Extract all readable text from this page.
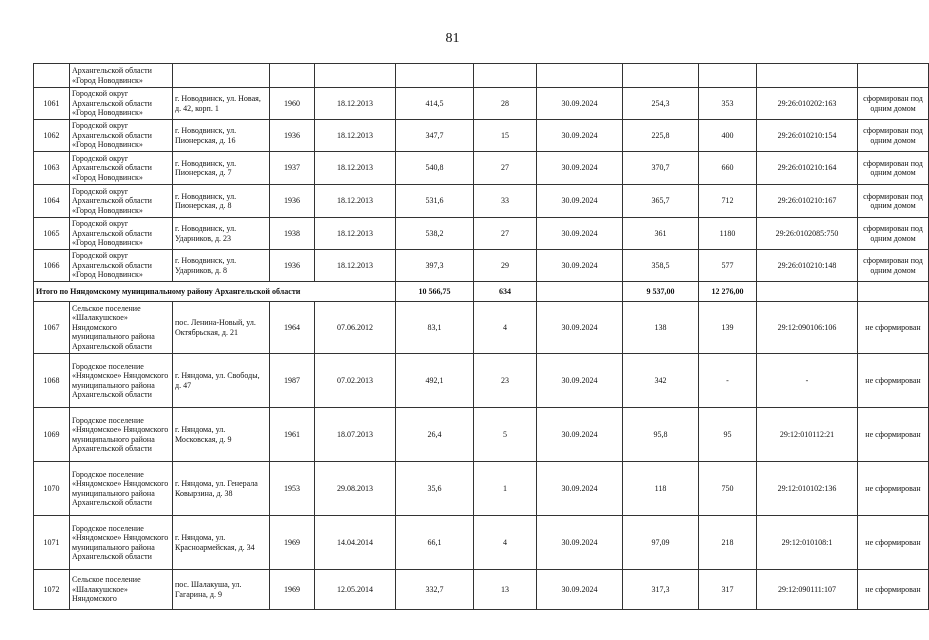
81
	Архангельской области «Город Новодвинск»										
1061	Городской округ Архангельской области «Город Новодвинск»	г. Новодвинск, ул. Новая, д. 42, корп. 1	1960	18.12.2013	414,5	28	30.09.2024	254,3	353	29:26:010202:163	сформирован под одним домом
1062	Городской округ Архангельской области «Город Новодвинск»	г. Новодвинск, ул. Пионерская, д. 16	1936	18.12.2013	347,7	15	30.09.2024	225,8	400	29:26:010210:154	сформирован под одним домом
1063	Городской округ Архангельской области «Город Новодвинск»	г. Новодвинск, ул. Пионерская, д. 7	1937	18.12.2013	540,8	27	30.09.2024	370,7	660	29:26:010210:164	сформирован под одним домом
1064	Городской округ Архангельской области «Город Новодвинск»	г. Новодвинск, ул. Пионерская, д. 8	1936	18.12.2013	531,6	33	30.09.2024	365,7	712	29:26:010210:167	сформирован под одним домом
1065	Городской округ Архангельской области «Город Новодвинск»	г. Новодвинск, ул. Ударников, д. 23	1938	18.12.2013	538,2	27	30.09.2024	361	1180	29:26:0102085:750	сформирован под одним домом
1066	Городской округ Архангельской области «Город Новодвинск»	г. Новодвинск, ул. Ударников, д. 8	1936	18.12.2013	397,3	29	30.09.2024	358,5	577	29:26:010210:148	сформирован под одним домом
Итого по Няндомскому муниципальному району Архангельской области					10 566,75	634		9 537,00	12 276,00		
1067	Сельское поселение «Шалакушское» Няндомского муниципального района Архангельской области	пос. Ленина-Новый, ул. Октябрьская, д. 21	1964	07.06.2012	83,1	4	30.09.2024	138	139	29:12:090106:106	не сформирован
1068	Городское поселение «Няндомское» Няндомского муниципального района Архангельской области	г. Няндома, ул. Свободы, д. 47	1987	07.02.2013	492,1	23	30.09.2024	342	-	-	не сформирован
1069	Городское поселение «Няндомское» Няндомского муниципального района Архангельской области	г. Няндома, ул. Московская, д. 9	1961	18.07.2013	26,4	5	30.09.2024	95,8	95	29:12:010112:21	не сформирован
1070	Городское поселение «Няндомское» Няндомского муниципального района Архангельской области	г. Няндома, ул. Генерала Ковырзина, д. 38	1953	29.08.2013	35,6	1	30.09.2024	118	750	29:12:010102:136	не сформирован
1071	Городское поселение «Няндомское» Няндомского муниципального района Архангельской области	г. Няндома, ул. Красноармейская, д. 34	1969	14.04.2014	66,1	4	30.09.2024	97,09	218	29:12:010108:1	не сформирован
1072	Сельское поселение «Шалакушское» Няндомского	пос. Шалакуша, ул. Гагарина, д. 9	1969	12.05.2014	332,7	13	30.09.2024	317,3	317	29:12:090111:107	не сформирован
